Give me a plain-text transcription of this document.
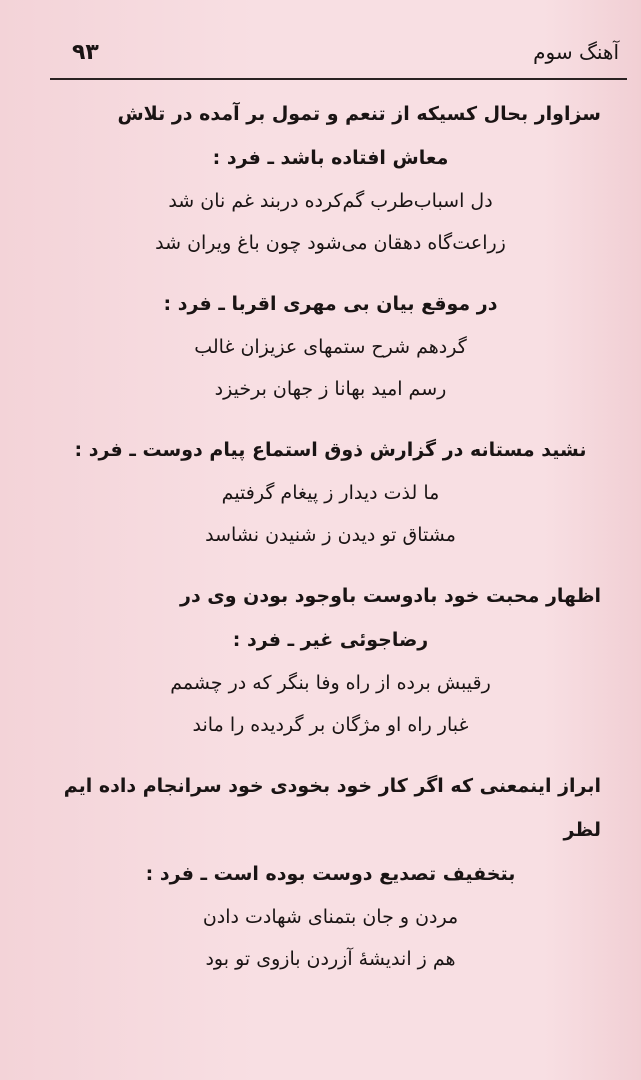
۹۳	آهنگ سوم
سزاوار بحال کسیکه از تنعم و تمول بر آمده در تلاش
معاش افتاده باشد ـ فرد :
دل اسباب‌طرب گم‌کرده دربند غم نان شد
زراعت‌گاه دهقان می‌شود چون باغ ویران شد
در موقع بیان بی مهری اقربا ـ فرد :
گردهم شرح ستمهای عزیزان غالب
رسم امید بهانا ز جهان برخیزد
نشید مستانه در گزارش ذوق استماع پیام دوست ـ فرد :
ما لذت دیدار ز پیغام گرفتیم
مشتاق تو دیدن ز شنیدن نشاسد
اظهار محبت خود بادوست باوجود بودن وی در
رضاجوئی غیر ـ فرد :
رقیبش برده از راه وفا بنگر که در چشمم
غبار راه او مژگان بر گردیده را ماند
ابراز اینمعنی که اگر کار خود بخودی خود سرانجام داده ایم لظر
بتخفیف تصدیع دوست بوده است ـ فرد :
مردن و جان بتمنای شهادت دادن
هم ز اندیشهٔ آزردن بازوی تو بود
